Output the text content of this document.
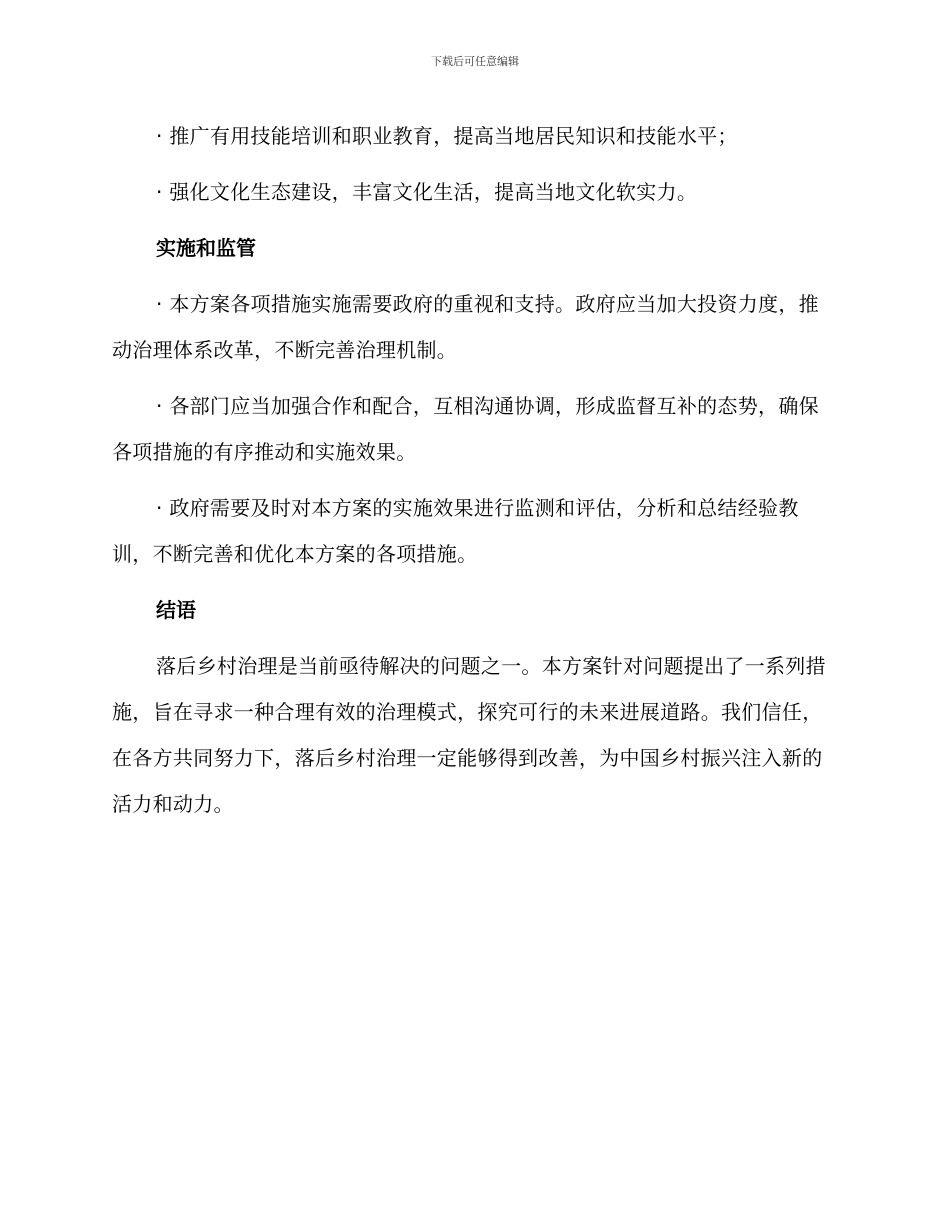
下载后可任意编辑

· 推广有用技能培训和职业教育，提高当地居民知识和技能水平；

· 强化文化生态建设，丰富文化生活，提高当地文化软实力。

实施和监管

· 本方案各项措施实施需要政府的重视和支持。政府应当加大投资力度，推动治理体系改革，不断完善治理机制。

· 各部门应当加强合作和配合，互相沟通协调，形成监督互补的态势，确保各项措施的有序推动和实施效果。

· 政府需要及时对本方案的实施效果进行监测和评估，分析和总结经验教训，不断完善和优化本方案的各项措施。

结语

落后乡村治理是当前亟待解决的问题之一。本方案针对问题提出了一系列措施，旨在寻求一种合理有效的治理模式，探究可行的未来进展道路。我们信任，在各方共同努力下，落后乡村治理一定能够得到改善，为中国乡村振兴注入新的活力和动力。
